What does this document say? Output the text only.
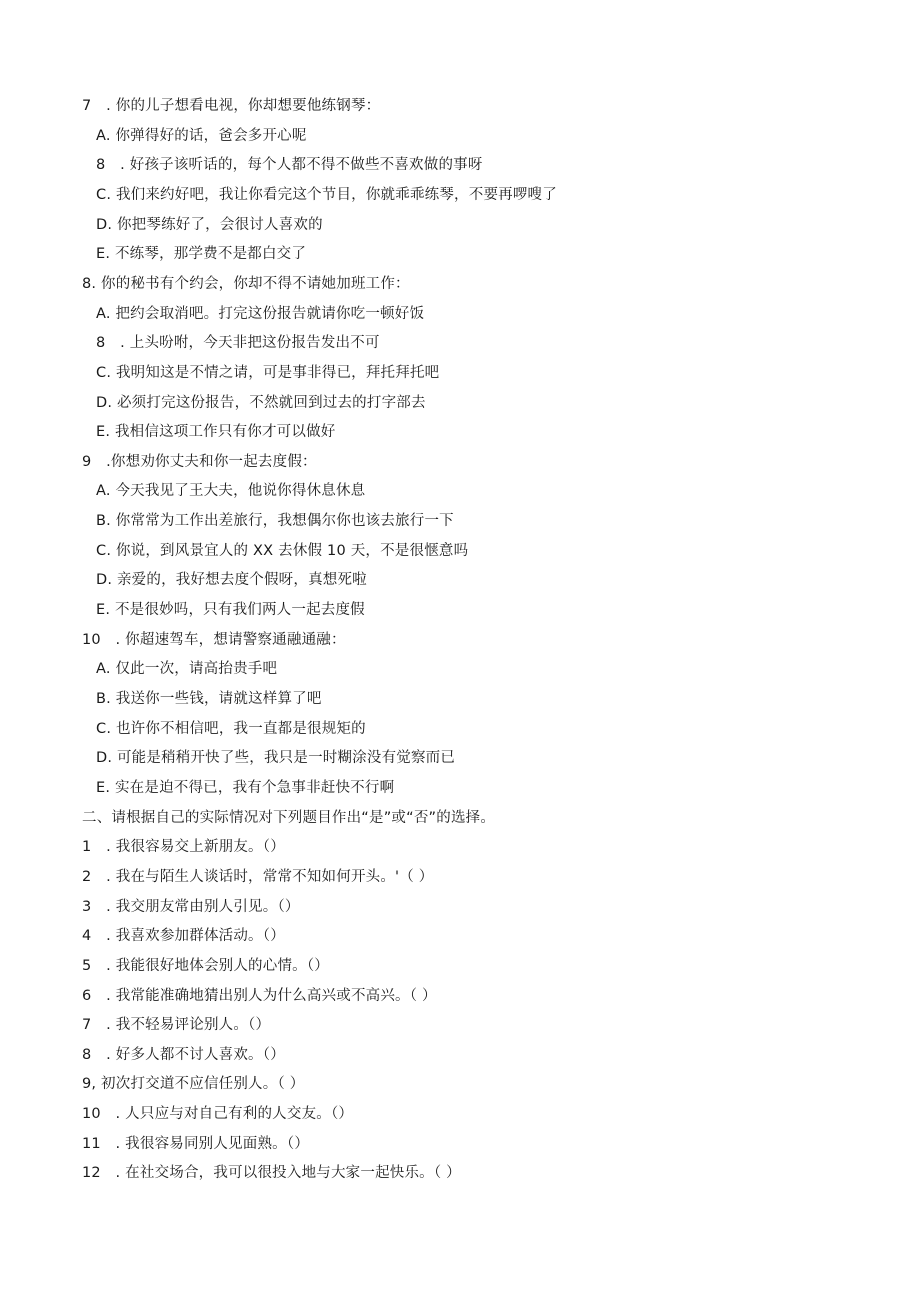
7　. 你的儿子想看电视，你却想要他练钢琴：
A. 你弹得好的话，爸会多开心呢
8　. 好孩子该听话的，每个人都不得不做些不喜欢做的事呀
C. 我们来约好吧，我让你看完这个节目，你就乖乖练琴，不要再啰嗖了
D. 你把琴练好了，会很讨人喜欢的
E. 不练琴，那学费不是都白交了
8. 你的秘书有个约会，你却不得不请她加班工作：
A. 把约会取消吧。打完这份报告就请你吃一顿好饭
8　. 上头吩咐，今天非把这份报告发出不可
C. 我明知这是不情之请，可是事非得已，拜托拜托吧
D. 必须打完这份报告，不然就回到过去的打字部去
E. 我相信这项工作只有你才可以做好
9　.你想劝你丈夫和你一起去度假：
A. 今天我见了王大夫，他说你得休息休息
B. 你常常为工作出差旅行，我想偶尔你也该去旅行一下
C. 你说，到风景宜人的 XX 去休假 10 天，不是很惬意吗
D. 亲爱的，我好想去度个假呀，真想死啦
E. 不是很妙吗，只有我们两人一起去度假
10　. 你超速驾车，想请警察通融通融：
A. 仅此一次，请高抬贵手吧
B. 我送你一些钱，请就这样算了吧
C. 也许你不相信吧，我一直都是很规矩的
D. 可能是稍稍开快了些，我只是一时糊涂没有觉察而已
E. 实在是迫不得已，我有个急事非赶快不行啊
二、请根据自己的实际情况对下列题目作出“是”或“否”的选择。
1　. 我很容易交上新朋友。（）
2　. 我在与陌生人谈话时，常常不知如何开头。'（ ）
3　. 我交朋友常由别人引见。（）
4　. 我喜欢参加群体活动。（）
5　. 我能很好地体会别人的心情。（）
6　. 我常能准确地猜出别人为什么高兴或不高兴。（ ）
7　. 我不轻易评论别人。（）
8　. 好多人都不讨人喜欢。（）
9, 初次打交道不应信任别人。（ ）
10　. 人只应与对自己有利的人交友。（）
11　. 我很容易同别人见面熟。（）
12　. 在社交场合，我可以很投入地与大家一起快乐。（ ）
